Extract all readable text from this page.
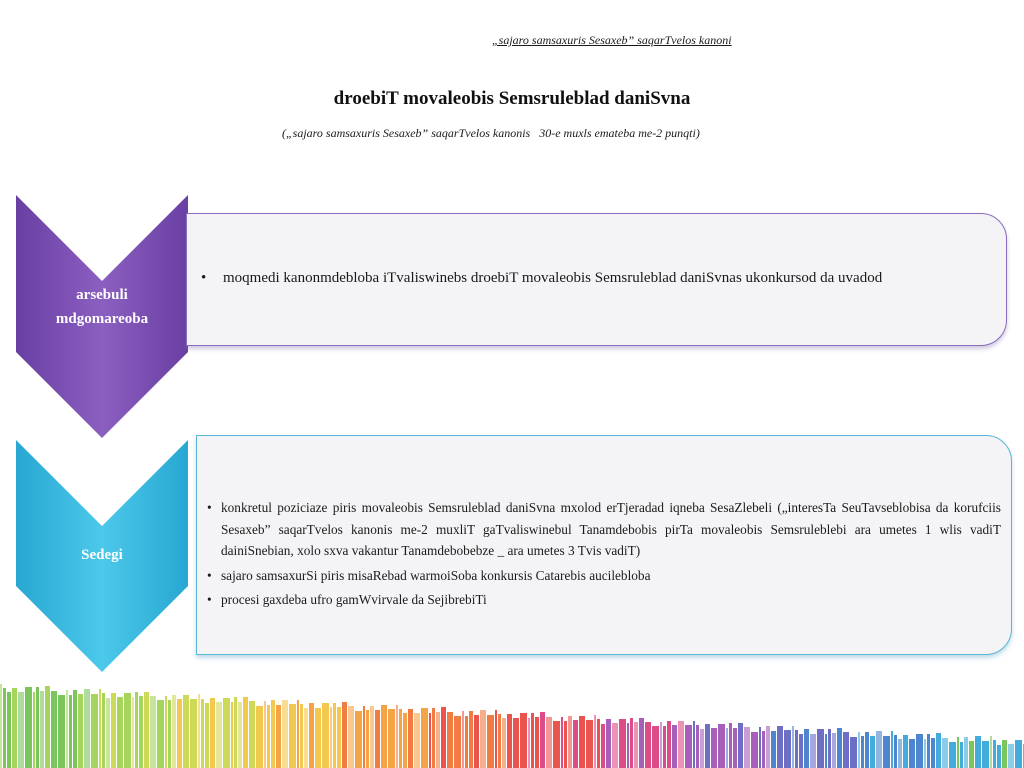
„sajaro samsaxuris Sesaxeb” saqarTvelos kanoni
droebiT movaleobis Semsruleblad daniSvna
(„sajaro samsaxuris Sesaxeb” saqarTvelos kanonis   30-e muxls emateba me-2 punqti)
arsebuli
mdgomareoba
• moqmedi kanonmdebloba iTvaliswinebs droebiT movaleobis Semsruleblad daniSvnas ukonkursod da uvadod
Sedegi
• konkretul poziciaze piris movaleobis Semsruleblad daniSvna mxolod erTjeradad iqneba SesaZlebeli („interesTa SeuTavseblobisa da korufciis Sesaxeb” saqarTvelos kanonis me-2 muxliT gaTvaliswinebul Tanamdebobis pirTa movaleobis Semsruleblebi ara umetes 1 wlis vadiT dainiSnebian, xolo sxva vakantur Tanamdebobebze _ ara umetes 3 Tvis vadiT)
• sajaro samsaxurSi piris misaRebad warmoiSoba konkursis Catarebis aucilebloba
• procesi gaxdeba ufro gamWvirvale da SejibrebiTi
